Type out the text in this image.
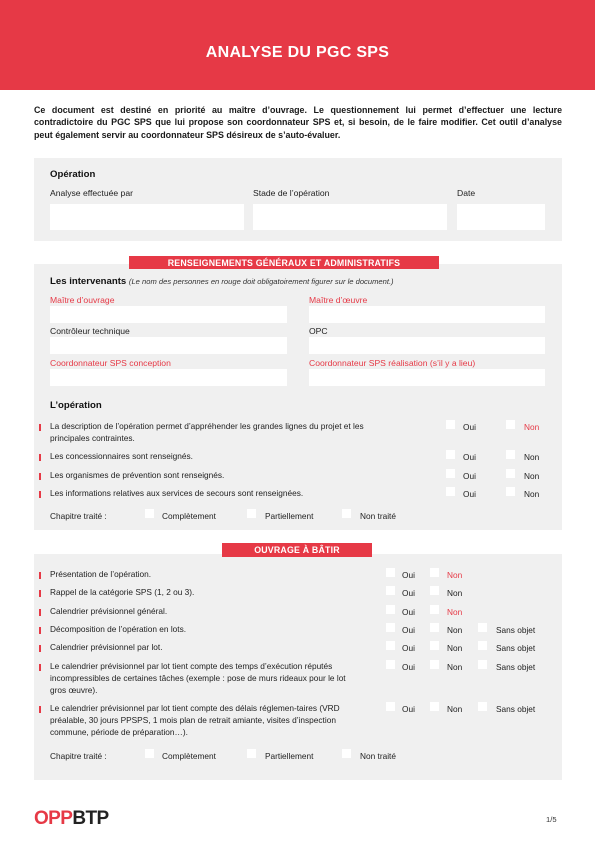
ANALYSE DU PGC SPS

Ce document est destiné en priorité au maître d’ouvrage. Le questionnement lui permet d’effectuer une lecture contradictoire du PGC SPS que lui propose son coordonnateur SPS et, si besoin, de le faire modifier. Cet outil d’analyse peut également servir au coordonnateur SPS désireux de s’auto-évaluer.

Opération
Analyse effectuée par	Stade de l’opération	Date
Les intervenants (Le nom des personnes en rouge doit obligatoirement figurer sur le document.)
Maître d’ouvrage	Maître d’œuvre
Contrôleur technique	OPC
Coordonnateur SPS conception	Coordonnateur SPS réalisation (s’il y a lieu)
L’opération
La description de l’opération permet d’appréhender les grandes lignes du projet et les principales contraintes.
Oui	Non
Les concessionnaires sont renseignés.	Oui	Non
Les organismes de prévention sont renseignés.	Oui	Non
Les informations relatives aux services de secours sont renseignées.	Oui	Non
Chapitre traité :	Complètement	Partiellement	Non traité
RENSEIGNEMENTS GÉNÉRAUX ET ADMINISTRATIFS
Présentation de l’opération.	Oui	Non
Rappel de la catégorie SPS (1, 2 ou 3).	Oui	Non
Calendrier prévisionnel général.	Oui	Non
Décomposition de l’opération en lots.	Oui	Non	Sans objet
Calendrier prévisionnel par lot.	Oui	Non	Sans objet
Le calendrier prévisionnel par lot tient compte des temps d’exécution réputés incompressibles de certaines tâches (exemple : pose de murs rideaux pour le lot gros œuvre).
Oui	Non	Sans objet
Le calendrier prévisionnel par lot tient compte des délais réglemen-taires (VRD préalable, 30 jours PPSPS, 1 mois plan de retrait amiante, visites d’inspection commune, période de préparation…).
Oui	Non	Sans objet
Chapitre traité :	Complètement	Partiellement	Non traité
OUVRAGE À BÂTIR
OPPBTP	1/5
